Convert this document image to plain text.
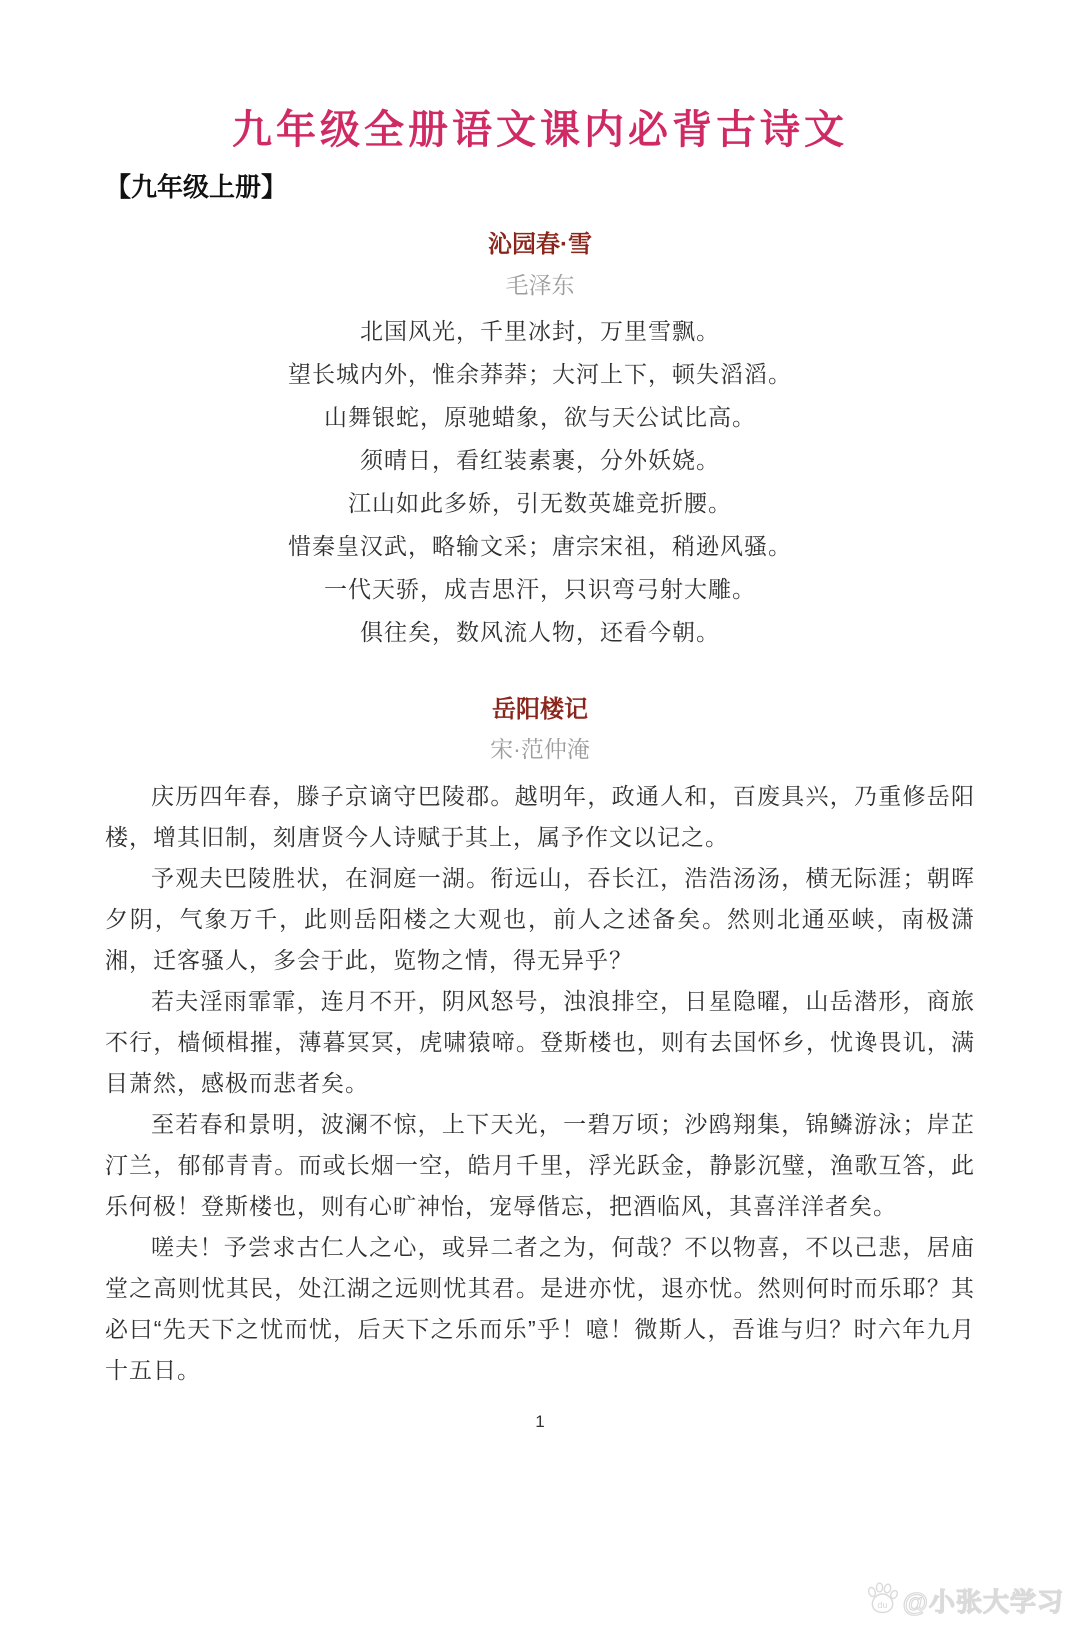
九年级全册语文课内必背古诗文
【九年级上册】
沁园春·雪
毛泽东
北国风光，千里冰封，万里雪飘。
望长城内外，惟余莽莽；大河上下，顿失滔滔。
山舞银蛇，原驰蜡象，欲与天公试比高。
须晴日，看红装素裹，分外妖娆。
江山如此多娇，引无数英雄竞折腰。
惜秦皇汉武，略输文采；唐宗宋祖，稍逊风骚。
一代天骄，成吉思汗，只识弯弓射大雕。
俱往矣，数风流人物，还看今朝。
岳阳楼记
宋·范仲淹

庆历四年春，滕子京谪守巴陵郡。越明年，政通人和，百废具兴，乃重修岳阳楼，增其旧制，刻唐贤今人诗赋于其上，属予作文以记之。

予观夫巴陵胜状，在洞庭一湖。衔远山，吞长江，浩浩汤汤，横无际涯；朝晖夕阴，气象万千，此则岳阳楼之大观也，前人之述备矣。然则北通巫峡，南极潇湘，迁客骚人，多会于此，览物之情，得无异乎？

若夫淫雨霏霏，连月不开，阴风怒号，浊浪排空，日星隐曜，山岳潜形，商旅不行，樯倾楫摧，薄暮冥冥，虎啸猿啼。登斯楼也，则有去国怀乡，忧谗畏讥，满目萧然，感极而悲者矣。

至若春和景明，波澜不惊，上下天光，一碧万顷；沙鸥翔集，锦鳞游泳；岸芷汀兰，郁郁青青。而或长烟一空，皓月千里，浮光跃金，静影沉璧，渔歌互答，此乐何极！登斯楼也，则有心旷神怡，宠辱偕忘，把酒临风，其喜洋洋者矣。

嗟夫！予尝求古仁人之心，或异二者之为，何哉？不以物喜，不以己悲，居庙堂之高则忧其民，处江湖之远则忧其君。是进亦忧，退亦忧。然则何时而乐耶？其必曰“先天下之忧而忧，后天下之乐而乐”乎！噫！微斯人，吾谁与归？时六年九月十五日。

1
du @小张大学习
